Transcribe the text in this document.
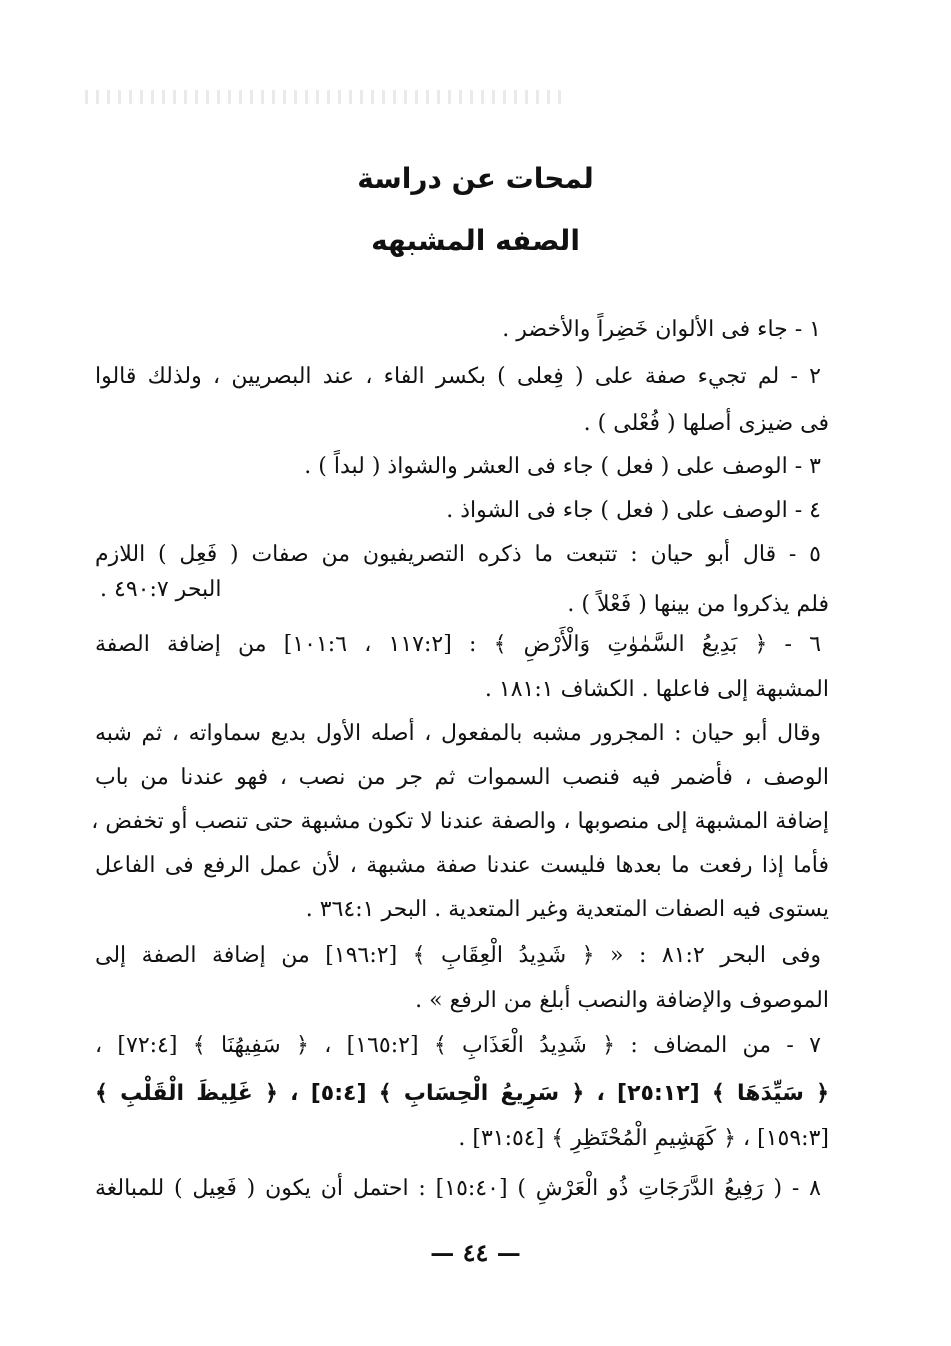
لمحات عن دراسة
الصفه المشبهه
١ - جاء فى الألوان خَضِراً والأخضر .
٢ - لم تجيء صفة على ( فِعلى ) بكسر الفاء ، عند البصريين ، ولذلك قالوا
فى ضيزى أصلها ( فُعْلى ) .
٣ - الوصف على ( فعل ) جاء فى العشر والشواذ ( لبداً ) .
٤ - الوصف على ( فعل ) جاء فى الشواذ .
٥ - قال أبو حيان : تتبعت ما ذكره التصريفيون من صفات ( فَعِل ) اللازم
البحر ٤٩٠:٧ .
فلم يذكروا من بينها ( فَعْلاً ) .
٦ - ﴿ بَدِيعُ السَّمٰوٰتِ وَالْأَرْضِ ﴾ : [١١٧:٢ ، ١٠١:٦] من إضافة الصفة
المشبهة إلى فاعلها . الكشاف ١٨١:١ .
وقال أبو حيان : المجرور مشبه بالمفعول ، أصله الأول بديع سماواته ، ثم شبه
الوصف ، فأضمر فيه فنصب السموات ثم جر من نصب ، فهو عندنا من باب
إضافة المشبهة إلى منصوبها ، والصفة عندنا لا تكون مشبهة حتى تنصب أو تخفض ،
فأما إذا رفعت ما بعدها فليست عندنا صفة مشبهة ، لأن عمل الرفع فى الفاعل
يستوى فيه الصفات المتعدية وغير المتعدية . البحر ٣٦٤:١ .
وفى البحر ٨١:٢ : « ﴿ شَدِيدُ الْعِقَابِ ﴾ [١٩٦:٢] من إضافة الصفة إلى
الموصوف والإضافة والنصب أبلغ من الرفع » .
٧ - من المضاف : ﴿ شَدِيدُ الْعَذَابِ ﴾ [١٦٥:٢] ، ﴿ سَفِيهُنَا ﴾ [٧٢:٤] ،
﴿ سَيِّدَهَا ﴾ [٢٥:١٢] ، ﴿ سَرِيعُ الْحِسَابِ ﴾ [٥:٤] ، ﴿ غَلِيظَ الْقَلْبِ ﴾
[١٥٩:٣] ، ﴿ كَهَشِيمِ الْمُحْتَظِرِ ﴾ [٣١:٥٤] .
٨ - ( رَفِيعُ الدَّرَجَاتِ ذُو الْعَرْشِ ) [١٥:٤٠] : احتمل أن يكون ( فَعِيل ) للمبالغة
— ٤٤ —
